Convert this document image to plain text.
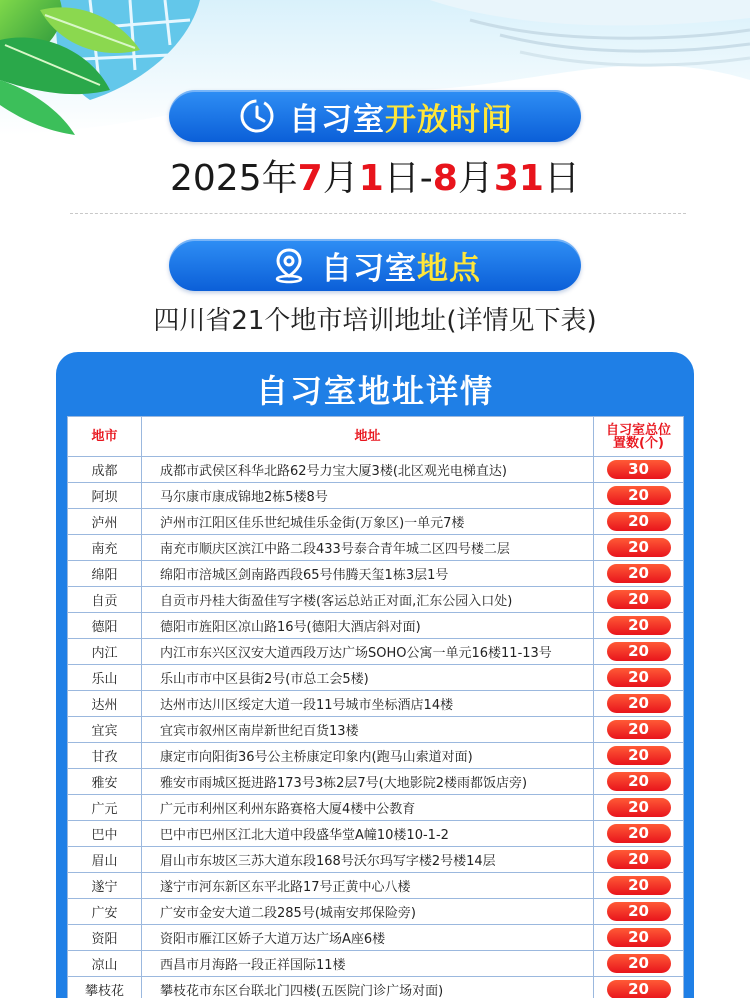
自习室 开放时间
2025年7月1日-8月31日
自习室 地点
四川省21个地市培训地址(详情见下表)
自习室地址详情
地市	地址	自习室总位
置数(个)
成都	成都市武侯区科华北路62号力宝大厦3楼(北区观光电梯直达)	30
阿坝	马尔康市康成锦地2栋5楼8号	20
泸州	泸州市江阳区佳乐世纪城佳乐金街(万象区)一单元7楼	20
南充	南充市顺庆区滨江中路二段433号泰合青年城二区四号楼二层	20
绵阳	绵阳市涪城区剑南路西段65号伟腾天玺1栋3层1号	20
自贡	自贡市丹桂大街盈佳写字楼(客运总站正对面,汇东公园入口处)	20
德阳	德阳市旌阳区凉山路16号(德阳大酒店斜对面)	20
内江	内江市东兴区汉安大道西段万达广场SOHO公寓一单元16楼11-13号	20
乐山	乐山市市中区县街2号(市总工会5楼)	20
达州	达州市达川区绥定大道一段11号城市坐标酒店14楼	20
宜宾	宜宾市叙州区南岸新世纪百货13楼	20
甘孜	康定市向阳街36号公主桥康定印象内(跑马山索道对面)	20
雅安	雅安市雨城区挺进路173号3栋2层7号(大地影院2楼雨都饭店旁)	20
广元	广元市利州区利州东路赛格大厦4楼中公教育	20
巴中	巴中市巴州区江北大道中段盛华堂A幢10楼10-1-2	20
眉山	眉山市东坡区三苏大道东段168号沃尔玛写字楼2号楼14层	20
遂宁	遂宁市河东新区东平北路17号正黄中心八楼	20
广安	广安市金安大道二段285号(城南安邦保险旁)	20
资阳	资阳市雁江区娇子大道万达广场A座6楼	20
凉山	西昌市月海路一段正祥国际11楼	20
攀枝花	攀枝花市东区台联北门四楼(五医院门诊广场对面)	20
